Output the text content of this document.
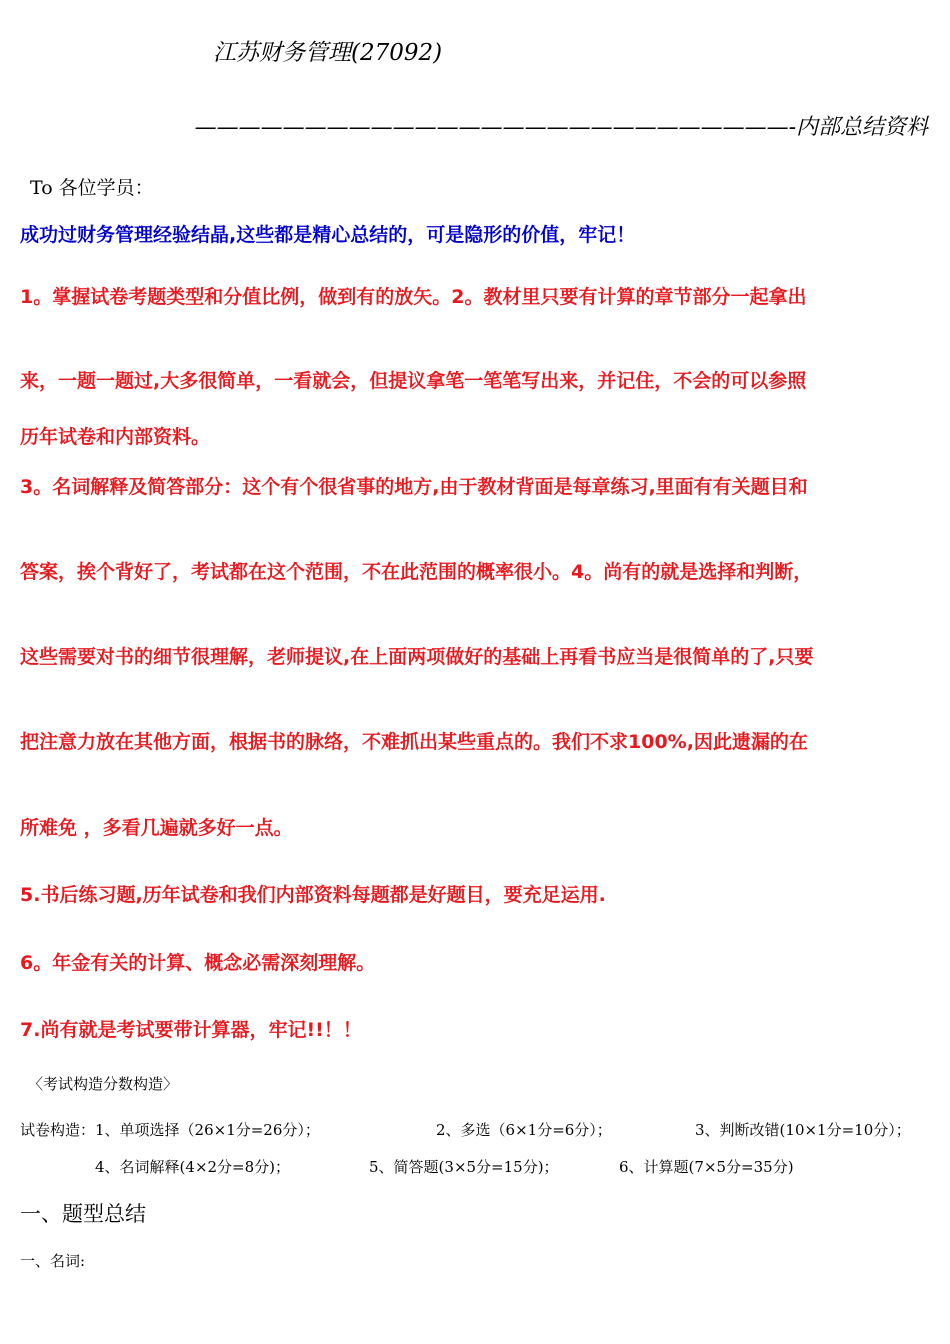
江苏财务管理(27092)
———————————————————————————-内部总结资料
To 各位学员：
成功过财务管理经验结晶,这些都是精心总结的，可是隐形的价值，牢记！
1。掌握试卷考题类型和分值比例，做到有的放矢。2。教材里只要有计算的章节部分一起拿出
来，一题一题过,大多很简单，一看就会，但提议拿笔一笔笔写出来，并记住，不会的可以参照
历年试卷和内部资料。
3。名词解释及简答部分：这个有个很省事的地方,由于教材背面是每章练习,里面有有关题目和
答案，挨个背好了，考试都在这个范围，不在此范围的概率很小。4。尚有的就是选择和判断，
这些需要对书的细节很理解，老师提议,在上面两项做好的基础上再看书应当是很简单的了,只要
把注意力放在其他方面，根据书的脉络，不难抓出某些重点的。我们不求100%,因此遗漏的在
所难免 ，多看几遍就多好一点。
5.书后练习题,历年试卷和我们内部资料每题都是好题目，要充足运用.
6。年金有关的计算、概念必需深刻理解。
7.尚有就是考试要带计算器，牢记!!！！
〈考试构造分数构造〉
试卷构造：1、单项选择（26×1分=26分）；	2、多选（6×1分=6分）；	3、判断改错(10×1分=10分）；
4、名词解释(4×2分=8分)；	5、简答题(3×5分=15分)；	6、计算题(7×5分=35分)
一、题型总结
一、名词:
